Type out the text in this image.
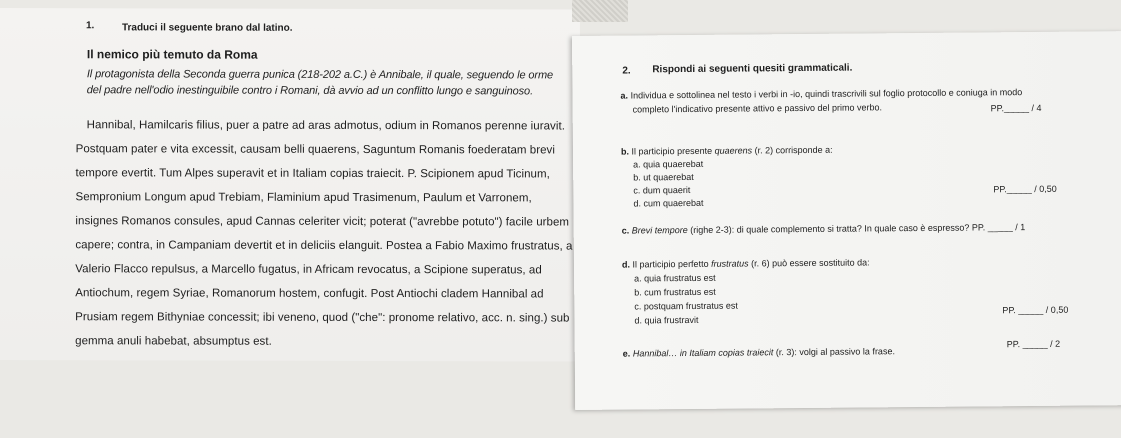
1.	Traduci il seguente brano dal latino.
Il nemico più temuto da Roma
Il protagonista della Seconda guerra punica (218-202 a.C.) è Annibale, il quale, seguendo le orme
del padre nell'odio inestinguibile contro i Romani, dà avvio ad un conflitto lungo e sanguinoso.
Hannibal, Hamilcaris filius, puer a patre ad aras admotus, odium in Romanos perenne iuravit.
Postquam pater e vita excessit, causam belli quaerens, Saguntum Romanis foederatam brevi
tempore evertit. Tum Alpes superavit et in Italiam copias traiecit. P. Scipionem apud Ticinum,
Sempronium Longum apud Trebiam, Flaminium apud Trasimenum, Paulum et Varronem,
insignes Romanos consules, apud Cannas celeriter vicit; poterat ("avrebbe potuto") facile urbem
capere; contra, in Campaniam devertit et in deliciis elanguit. Postea a Fabio Maximo frustratus, a
Valerio Flacco repulsus, a Marcello fugatus, in Africam revocatus, a Scipione superatus, ad
Antiochum, regem Syriae, Romanorum hostem, confugit. Post Antiochi cladem Hannibal ad
Prusiam regem Bithyniae concessit; ibi veneno, quod ("che": pronome relativo, acc. n. sing.) sub
gemma anuli habebat, absumptus est.
2. Rispondi ai seguenti quesiti grammaticali.
a. Individua e sottolinea nel testo i verbi in -io, quindi trascrivili sul foglio protocollo e coniuga in modo
completo l'indicativo presente attivo e passivo del primo verbo.	PP._____ / 4
b. Il participio presente quaerens (r. 2) corrisponde a:
a. quia quaerebat
b. ut quaerebat
c. dum quaerit
d. cum quaerebat
PP._____ / 0,50
c. Brevi tempore (righe 2-3): di quale complemento si tratta? In quale caso è espresso? PP. _____ / 1
d. Il participio perfetto frustratus (r. 6) può essere sostituito da:
a. quia frustratus est
b. cum frustratus est
c. postquam frustratus est
d. quia frustravit
PP. _____ / 0,50
e. Hannibal… in Italiam copias traiecit (r. 3): volgi al passivo la frase.
PP. _____ / 2
